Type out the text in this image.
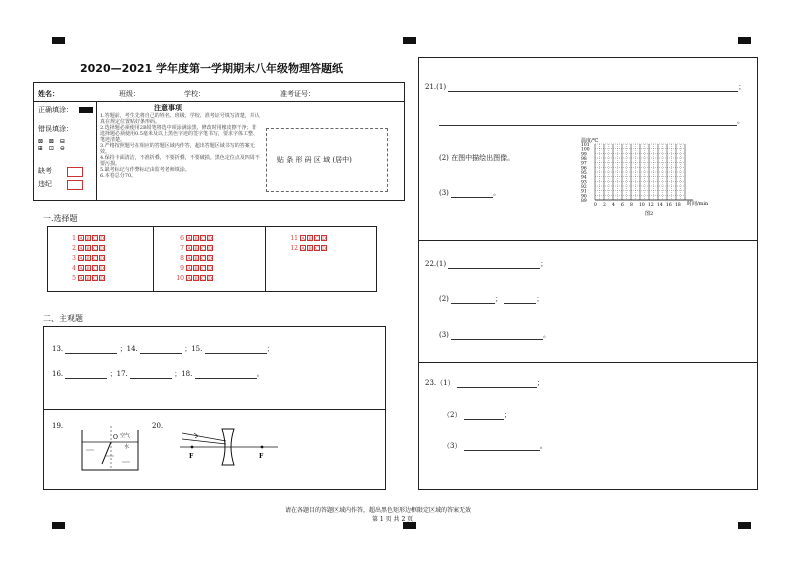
2020—2021 学年度第一学期期末八年级物理答题纸
姓名：	班级：	学校：	准考证号：
正确填涂：
错误填涂：
⊠ ⊠ ⊟
⊞ ⊡ ⊖
缺考
违纪
注意事项
1.答题前，考生先将自己的姓名、班级、学校、准考证号填写清楚，并认真在规定位置贴好条形码。
2.选择题必须使用2B铅笔将选中项涂满涂黑，修改时用橡皮擦干净；非选择题必须使用0.5毫米及以上黑色字迹的签字笔书写，要求字体工整、笔迹清楚。
3.严格按照题号在相应的答题区域内作答，超出答题区域书写的答案无效。
4.保持卡面清洁，不准折叠，不要折叠，不要破损。黑色定位点及四周不要污损。
5.缺考标记与作弊标记由监考老师填涂。
6.本卷总分70。
贴 条 形 码 区 域 (居中)
一.选择题
1 A B C D
2 A B C D
3 A B C D
4 A B C D
5 A B C D
6 A B C D
7 A B C D
8 A B C D
9 A B C D
10 A B C D
11 A B C D
12 A B C D
二、主观题
13.	；14.	；15.	；
16.	；17.	；18.	。
19.	20.
O 空气
水
F	F
请在各题目的答题区域内作答，超出黑色矩形边框限定区域的答案无效
第 1 页 共 2 页
21.(1)	；
。
(2) 在图中描绘出图像。
(3)	。
温度/℃
时间/min
图2
101
100
99
98
97
96
95
94
93
92
91
90
89
0 2 4 6 8 10 12 14 16 18
22.(1)	；
(2)	；	；
(3)	。
23.（1）	；
（2）	；
（3）	。
